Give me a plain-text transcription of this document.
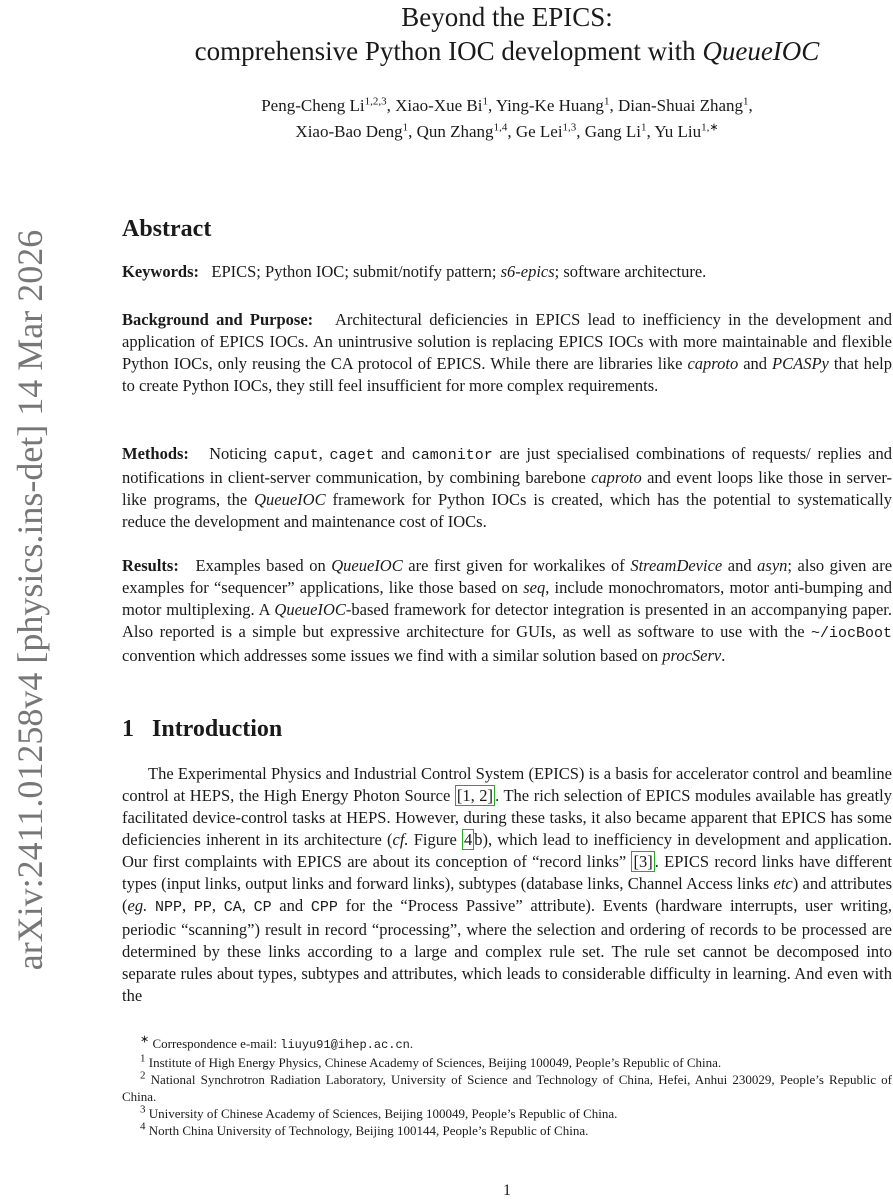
arXiv:2411.01258v4 [physics.ins-det] 14 Mar 2026
Beyond the EPICS:
comprehensive Python IOC development with QueueIOC
Peng-Cheng Li$^{1,2,3}$, Xiao-Xue Bi$^1$, Ying-Ke Huang$^1$, Dian-Shuai Zhang$^1$,
Xiao-Bao Deng$^1$, Qun Zhang$^{1,4}$, Ge Lei$^{1,3}$, Gang Li$^1$, Yu Liu$^{1,∗}$
Abstract
Keywords: EPICS; Python IOC; submit/notify pattern; s6-epics; software architecture.
Background and Purpose: Architectural deficiencies in EPICS lead to inefficiency in the development and application of EPICS IOCs. An unintrusive solution is replacing EPICS IOCs with more maintainable and flexible Python IOCs, only reusing the CA protocol of EPICS. While there are libraries like caproto and PCASPy that help to create Python IOCs, they still feel insufficient for more complex requirements.
Methods: Noticing caput, caget and camonitor are just specialised combinations of requests/ replies and notifications in client-server communication, by combining barebone caproto and event loops like those in server-like programs, the QueueIOC framework for Python IOCs is created, which has the potential to systematically reduce the development and maintenance cost of IOCs.
Results: Examples based on QueueIOC are first given for workalikes of StreamDevice and asyn; also given are examples for “sequencer” applications, like those based on seq, include monochromators, motor anti-bumping and motor multiplexing. A QueueIOC-based framework for detector integration is presented in an accompanying paper. Also reported is a simple but expressive architecture for GUIs, as well as software to use with the ~/iocBoot convention which addresses some issues we find with a similar solution based on procServ.
1 Introduction
The Experimental Physics and Industrial Control System (EPICS) is a basis for accelerator control and beamline control at HEPS, the High Energy Photon Source [1, 2] . The rich selection of EPICS modules available has greatly facilitated device-control tasks at HEPS. However, during these tasks, it also became apparent that EPICS has some deficiencies inherent in its architecture (cf. Figure 4 b), which lead to inefficiency in development and application. Our first complaints with EPICS are about its conception of “record links” [3] . EPICS record links have different types (input links, output links and forward links), subtypes (database links, Channel Access links etc) and attributes (eg. NPP, PP, CA, CP and CPP for the “Process Passive” attribute). Events (hardware interrupts, user writing, periodic “scanning”) result in record “processing”, where the selection and ordering of records to be processed are determined by these links according to a large and complex rule set. The rule set cannot be decomposed into separate rules about types, subtypes and attributes, which leads to considerable difficulty in learning. And even with the
∗ Correspondence e-mail: liuyu91@ihep.ac.cn.
$^1$ Institute of High Energy Physics, Chinese Academy of Sciences, Beijing 100049, People’s Republic of China.
$^2$ National Synchrotron Radiation Laboratory, University of Science and Technology of China, Hefei, Anhui 230029, People’s Republic of China.
$^3$ University of Chinese Academy of Sciences, Beijing 100049, People’s Republic of China.
$^4$ North China University of Technology, Beijing 100144, People’s Republic of China.
1
